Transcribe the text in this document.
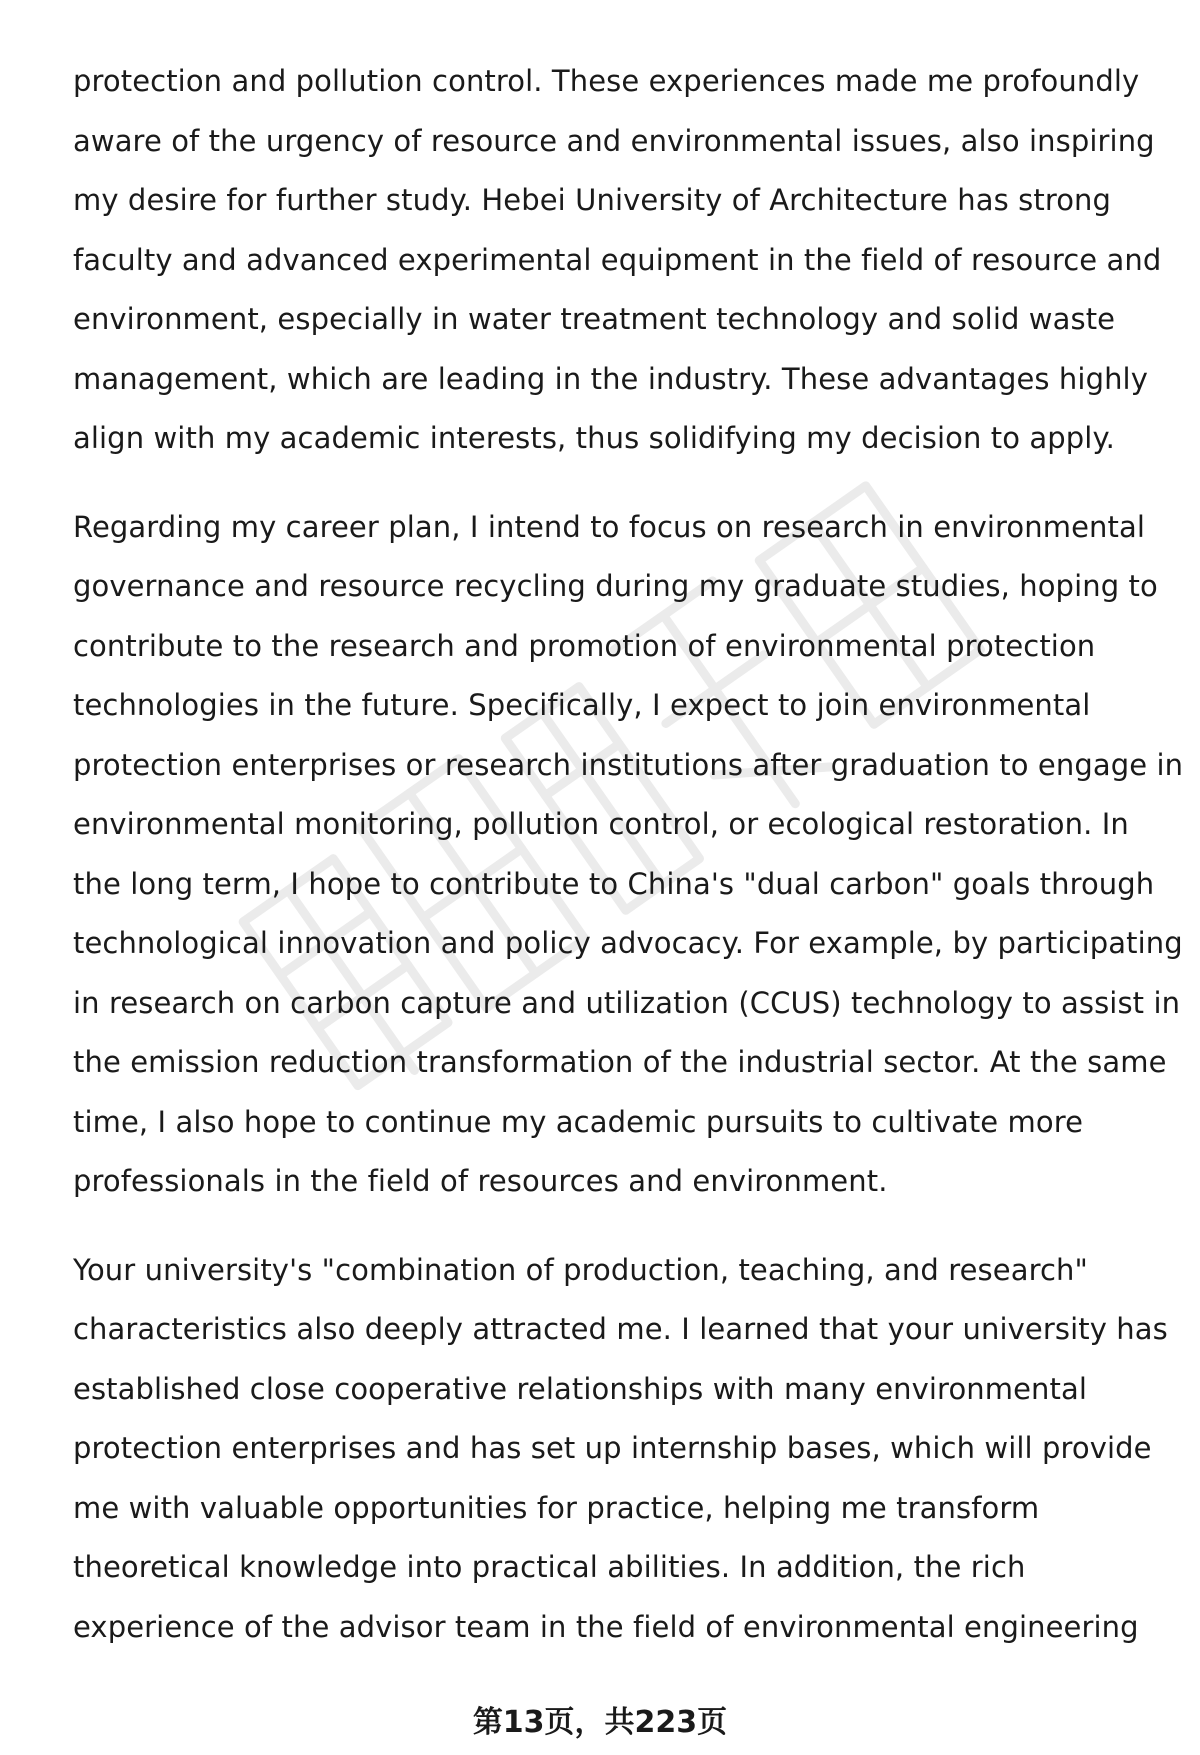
protection and pollution control. These experiences made me profoundly
aware of the urgency of resource and environmental issues, also inspiring
my desire for further study. Hebei University of Architecture has strong
faculty and advanced experimental equipment in the field of resource and
environment, especially in water treatment technology and solid waste
management, which are leading in the industry. These advantages highly
align with my academic interests, thus solidifying my decision to apply.

Regarding my career plan, I intend to focus on research in environmental
governance and resource recycling during my graduate studies, hoping to
contribute to the research and promotion of environmental protection
technologies in the future. Specifically, I expect to join environmental
protection enterprises or research institutions after graduation to engage in
environmental monitoring, pollution control, or ecological restoration. In
the long term, I hope to contribute to China's "dual carbon" goals through
technological innovation and policy advocacy. For example, by participating
in research on carbon capture and utilization (CCUS) technology to assist in
the emission reduction transformation of the industrial sector. At the same
time, I also hope to continue my academic pursuits to cultivate more
professionals in the field of resources and environment.

Your university's "combination of production, teaching, and research"
characteristics also deeply attracted me. I learned that your university has
established close cooperative relationships with many environmental
protection enterprises and has set up internship bases, which will provide
me with valuable opportunities for practice, helping me transform
theoretical knowledge into practical abilities. In addition, the rich
experience of the advisor team in the field of environmental engineering

第13页，共223页
